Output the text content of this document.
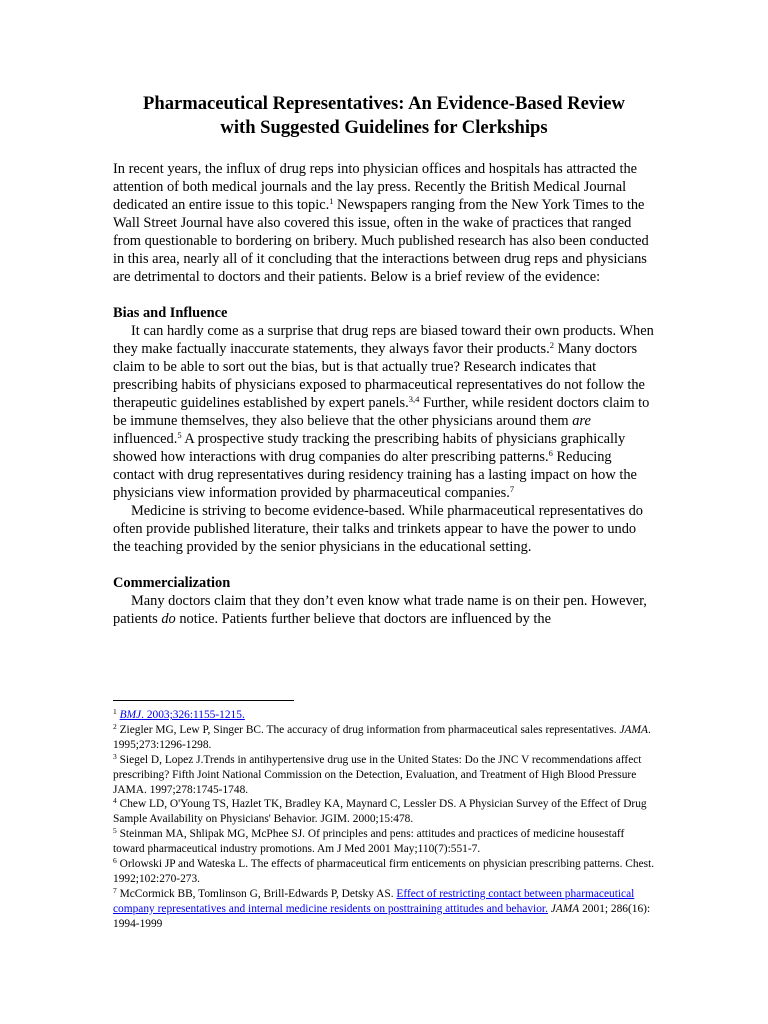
Pharmaceutical Representatives: An Evidence-Based Review
with Suggested Guidelines for Clerkships

In recent years, the influx of drug reps into physician offices and hospitals has attracted the attention of both medical journals and the lay press. Recently the British Medical Journal dedicated an entire issue to this topic.$^1$ Newspapers ranging from the New York Times to the Wall Street Journal have also covered this issue, often in the wake of practices that ranged from questionable to bordering on bribery. Much published research has also been conducted in this area, nearly all of it concluding that the interactions between drug reps and physicians are detrimental to doctors and their patients. Below is a brief review of the evidence:

Bias and Influence

It can hardly come as a surprise that drug reps are biased toward their own products. When they make factually inaccurate statements, they always favor their products.$^2$ Many doctors claim to be able to sort out the bias, but is that actually true? Research indicates that prescribing habits of physicians exposed to pharmaceutical representatives do not follow the therapeutic guidelines established by expert panels.$^{3,4}$ Further, while resident doctors claim to be immune themselves, they also believe that the other physicians around them are influenced.$^5$ A prospective study tracking the prescribing habits of physicians graphically showed how interactions with drug companies do alter prescribing patterns.$^6$ Reducing contact with drug representatives during residency training has a lasting impact on how the physicians view information provided by pharmaceutical companies.$^7$

Medicine is striving to become evidence-based. While pharmaceutical representatives do often provide published literature, their talks and trinkets appear to have the power to undo the teaching provided by the senior physicians in the educational setting.

Commercialization

Many doctors claim that they don’t even know what trade name is on their pen. However, patients do notice. Patients further believe that doctors are influenced by the

$^1$ BMJ. 2003;326:1155-1215.

$^2$ Ziegler MG, Lew P, Singer BC. The accuracy of drug information from pharmaceutical sales representatives. JAMA. 1995;273:1296-1298.

$^3$ Siegel D, Lopez J.Trends in antihypertensive drug use in the United States: Do the JNC V recommendations affect prescribing? Fifth Joint National Commission on the Detection, Evaluation, and Treatment of High Blood Pressure JAMA. 1997;278:1745-1748.

$^4$ Chew LD, O'Young TS, Hazlet TK, Bradley KA, Maynard C, Lessler DS. A Physician Survey of the Effect of Drug Sample Availability on Physicians' Behavior. JGIM. 2000;15:478.

$^5$ Steinman MA, Shlipak MG, McPhee SJ. Of principles and pens: attitudes and practices of medicine housestaff toward pharmaceutical industry promotions. Am J Med 2001 May;110(7):551-7.

$^6$ Orlowski JP and Wateska L. The effects of pharmaceutical firm enticements on physician prescribing patterns. Chest. 1992;102:270-273.

$^7$ McCormick BB, Tomlinson G, Brill-Edwards P, Detsky AS. Effect of restricting contact between pharmaceutical company representatives and internal medicine residents on posttraining attitudes and behavior. JAMA 2001; 286(16): 1994-1999
